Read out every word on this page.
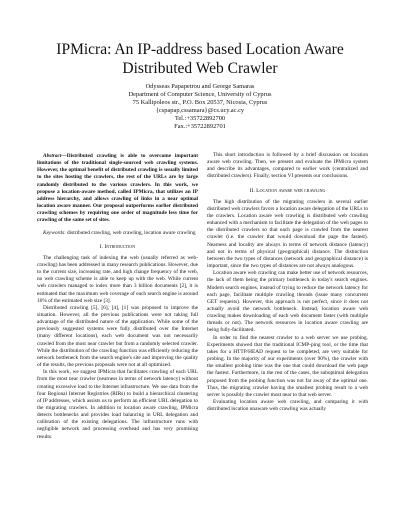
IPMicra: An IP-address based Location Aware Distributed Web Crawler
Odysseas Papapetrou and George Samaras
Department of Computer Science, University of Cyprus
75 Kallipoleos str., P.O. Box 20537, Nicosia, Cyprus
{cspapap,cssamara}@cs.ucy.ac.cy
Tel.:+35722892700
Fax.:+35722892701

Abstract—Distributed crawling is able to overcome important limitations of the traditional single-sourced web crawling systems. However, the optimal benefit of distributed crawling is usually limited to the sites hosting the crawlers, the rest of the URLs are by large randomly distributed to the various crawlers. In this work, we propose a location-aware method, called IPMicra, that utilizes an IP address hierarchy, and allows crawling of links in a near optimal location aware manner. Our proposal outperforms earlier distributed crawling schemes by requiring one order of magnitude less time for crawling of the same set of sites.

Keywords: distributed crawling, web crawling, location aware crawling

I. Introduction

The challenging task of indexing the web (usually referred as web-crawling) has been addressed in many research publications. However, due to the current size, increasing rate, and high change frequency of the web, no web crawling scheme is able to keep up with the web. While current web crawlers managed to index more than 3 billion documents [2], it is estimated that the maximum web coverage of each search engine is around 16% of the estimated web size [3].

Distributed crawling [5], [6], [4], [1] was proposed to improve the situation. However, all the previous publications were not taking full advantage of the distributed nature of the application. While some of the previously suggested systems were fully distributed over the Internet (many different locations), each web document was not necessarily crawled from the most near crawler but from a randomly selected crawler. While the distribution of the crawling function was efficiently reducing the network bottleneck from the search engine's site and improving the quality of the results, the previous proposals were not at all optimized.

In this work, we suggest IPMicra that facilitates crawling of each URL from the most near crawler (nearness in terms of network latency) without creating excessive load to the Internet infrastructure. We use data from the four Regional Internet Registries (RIRs) to build a hierarchical clustering of IP addresses, which assists us to perform an efficient URL delegation to the migrating crawlers. In addition to location aware crawling, IPMicra detects bottlenecks and provides load balancing in URL delegation and calibration of the existing delegations. The infrastructure runs with negligible network and processing overhead and has very promising results.

This short introduction is followed by a brief discussion on location aware web crawling. Then, we present and evaluate the IPMicra system and describe its advantages, compared to earlier work (centralized and distributed crawlers). Finally, section VI presents our conclusions.

II. Location aware web crawling

The high distribution of the migrating crawlers in several earlier distributed web crawlers favors a location aware delegation of the URLs to the crawlers. Location aware web crawling is distributed web crawling enhanced with a mechanism to facilitate the delegation of the web pages to the distributed crawlers so that each page is crawled from the nearest crawler (i.e. the crawler that would download the page the fastest). Nearness and locality are always in terms of network distance (latency) and not in terms of physical (geographical) distance. The distinction between the two types of distances (network and geographical distance) is important, since the two types of distances are not always analogous.

Location aware web crawling can make better use of network resources, the lack of them being the primary bottleneck in today's search engines. Modern search engines, instead of trying to reduce the network latency for each page, facilitate multiple crawling threads (issue many concurrent GET requests). However, this approach is not perfect, since it does not actually avoid the network bottleneck. Instead, location aware web crawling makes downloading of each web document faster (with multiple threads or not). The network resources in location aware crawling are being fully-facilitated.

In order to find the nearest crawler to a web server we use probing. Experiments showed that the traditional ICMP-ping tool, or the time that takes for a HTTP/HEAD request to be completed, are very suitable for probing. In the majority of our experiments (over 90%), the crawler with the smallest probing time was the one that could download the web page the fastest. Furthermore, in the rest of the cases, the suboptimal delegation proposed from the probing function was not far away of the optimal one. Thus, the migrating crawler having the smallest probing result to a web server is possibly the crawler most near to that web server.

Evaluating location aware web crawling, and comparing it with distributed location unaware web crawling was actually
